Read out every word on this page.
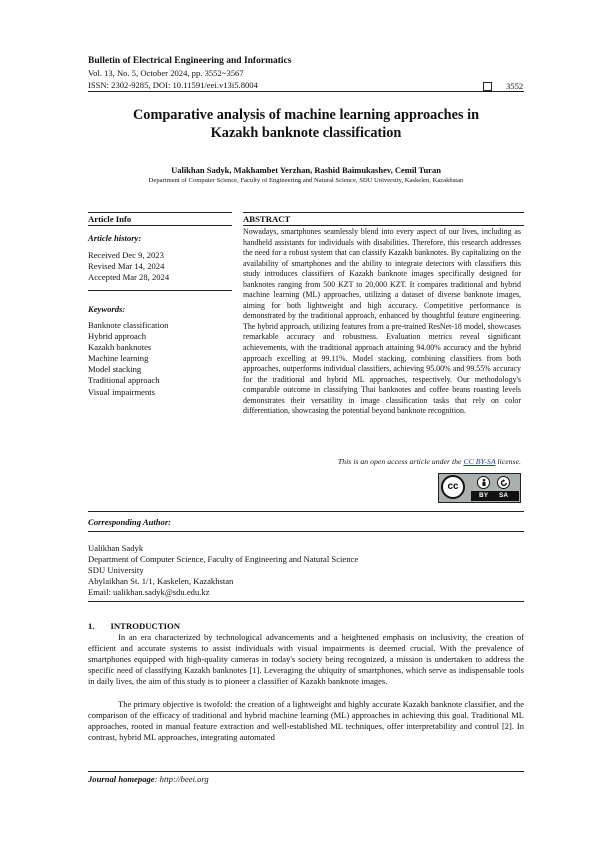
Bulletin of Electrical Engineering and Informatics
Vol. 13, No. 5, October 2024, pp. 3552~3567
ISSN: 2302-9285, DOI: 10.11591/eei.v13i5.8004	3552
Comparative analysis of machine learning approaches in
Kazakh banknote classification
Ualikhan Sadyk, Makhambet Yerzhan, Rashid Baimukashev, Cemil Turan
Department of Computer Science, Faculty of Engineering and Natural Science, SDU University, Kaskelen, Kazakhstan
Article Info	ABSTRACT
Article history:
Received Dec 9, 2023
Revised Mar 14, 2024
Accepted Mar 28, 2024
Keywords:
Banknote classification
Hybrid approach
Kazakh banknotes
Machine learning
Model stacking
Traditional approach
Visual impairments
Nowadays, smartphones seamlessly blend into every aspect of our lives, including as handheld assistants for individuals with disabilities. Therefore, this research addresses the need for a robust system that can classify Kazakh banknotes. By capitalizing on the availability of smartphones and the ability to integrate detectors with classifiers this study introduces classifiers of Kazakh banknote images specifically designed for banknotes ranging from 500 KZT to 20,000 KZT. It compares traditional and hybrid machine learning (ML) approaches, utilizing a dataset of diverse banknote images, aiming for both lightweight and high accuracy. Competitive performance is demonstrated by the traditional approach, enhanced by thoughtful feature engineering. The hybrid approach, utilizing features from a pre-trained ResNet-18 model, showcases remarkable accuracy and robustness. Evaluation metrics reveal significant achievements, with the traditional approach attaining 94.00% accuracy and the hybrid approach excelling at 99.11%. Model stacking, combining classifiers from both approaches, outperforms individual classifiers, achieving 95.00% and 99.55% accuracy for the traditional and hybrid ML approaches, respectively. Our methodology's comparable outcome in classifying Thai banknotes and coffee beans roasting levels demonstrates their versatility in image classification tasks that rely on color differentiation, showcasing the potential beyond banknote recognition.
This is an open access article under the CC BY-SA license.
cc
BY SA
Corresponding Author:
Ualikhan Sadyk
Department of Computer Science, Faculty of Engineering and Natural Science
SDU University
Abylaikhan St. 1/1, Kaskelen, Kazakhstan
Email: ualikhan.sadyk@sdu.edu.kz
1. INTRODUCTION
In an era characterized by technological advancements and a heightened emphasis on inclusivity, the creation of efficient and accurate systems to assist individuals with visual impairments is deemed crucial. With the prevalence of smartphones equipped with high-quality cameras in today's society being recognized, a mission is undertaken to address the specific need of classifying Kazakh banknotes [1]. Leveraging the ubiquity of smartphones, which serve as indispensable tools in daily lives, the aim of this study is to pioneer a classifier of Kazakh banknote images.
The primary objective is twofold: the creation of a lightweight and highly accurate Kazakh banknote classifier, and the comparison of the efficacy of traditional and hybrid machine learning (ML) approaches in achieving this goal. Traditional ML approaches, rooted in manual feature extraction and well-established ML techniques, offer interpretability and control [2]. In contrast, hybrid ML approaches, integrating automated
Journal homepage: http://beei.org
